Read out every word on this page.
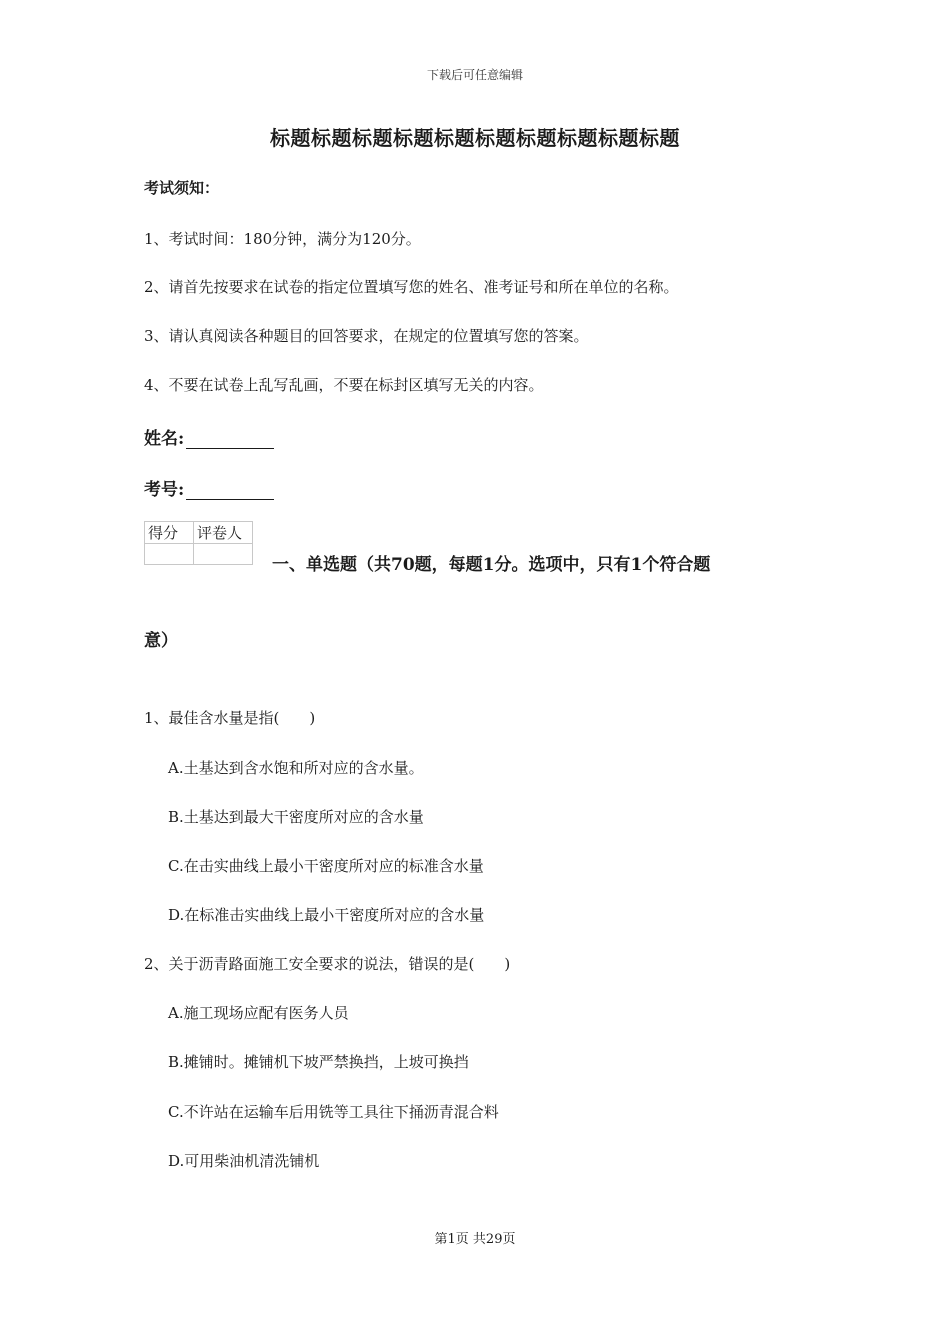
下载后可任意编辑
标题标题标题标题标题标题标题标题标题标题
考试须知：
1、考试时间：180分钟，满分为120分。
2、请首先按要求在试卷的指定位置填写您的姓名、准考证号和所在单位的名称。
3、请认真阅读各种题目的回答要求，在规定的位置填写您的答案。
4、不要在试卷上乱写乱画，不要在标封区填写无关的内容。
姓名:
考号:
得分	评卷人

一、单选题（共70题，每题1分。选项中，只有1个符合题
意）
1、最佳含水量是指(　　)
A.土基达到含水饱和所对应的含水量。
B.土基达到最大干密度所对应的含水量
C.在击实曲线上最小干密度所对应的标准含水量
D.在标准击实曲线上最小干密度所对应的含水量
2、关于沥青路面施工安全要求的说法，错误的是(　　)
A.施工现场应配有医务人员
B.摊铺时。摊铺机下坡严禁换挡，上坡可换挡
C.不许站在运输车后用铣等工具往下捅沥青混合料
D.可用柴油机清洗铺机
第1页 共29页
